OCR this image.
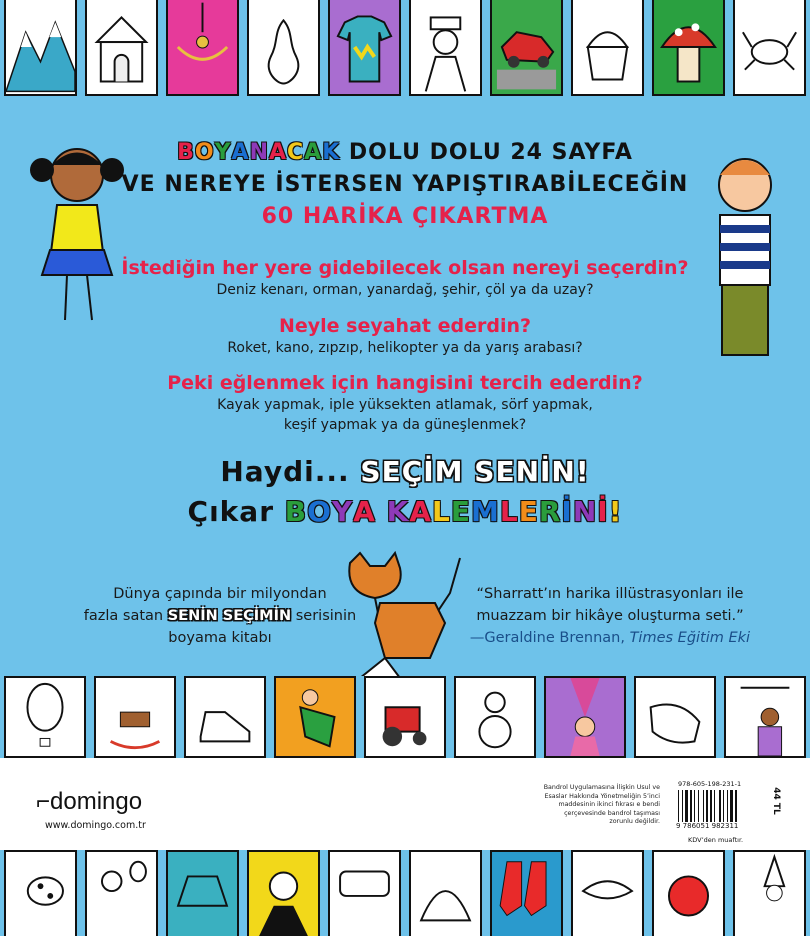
BOYANACAK DOLU DOLU 24 SAYFA
VE NEREYE İSTERSEN YAPIŞTIRABİLECEĞİN
60 HARİKA ÇIKARTMA
İstediğin her yere gidebilecek olsan nereyi seçerdin?
Deniz kenarı, orman, yanardağ, şehir, çöl ya da uzay?
Neyle seyahat ederdin?
Roket, kano, zıpzıp, helikopter ya da yarış arabası?
Peki eğlenmek için hangisini tercih ederdin?
Kayak yapmak, iple yüksekten atlamak, sörf yapmak,
keşif yapmak ya da güneşlenmek?
Haydi... SEÇİM SENİN!
Çıkar BOYA KALEMLERİNİ!
Dünya çapında bir milyondan
fazla satan SENİN SEÇİMİN serisinin
boyama kitabı
“Sharratt’ın harika illüstrasyonları ile
muazzam bir hikâye oluşturma seti.”
—Geraldine Brennan, Times Eğitim Eki
⌐domingo
www.domingo.com.tr
Bandrol Uygulamasına İlişkin Usul ve Esaslar Hakkında Yönetmeliğin 5’inci maddesinin ikinci fıkrası e bendi çerçevesinde bandrol taşıması zorunlu değildir.
978-605-198-231-1
9 786051 982311
44 TL
KDV’den muaftır.
